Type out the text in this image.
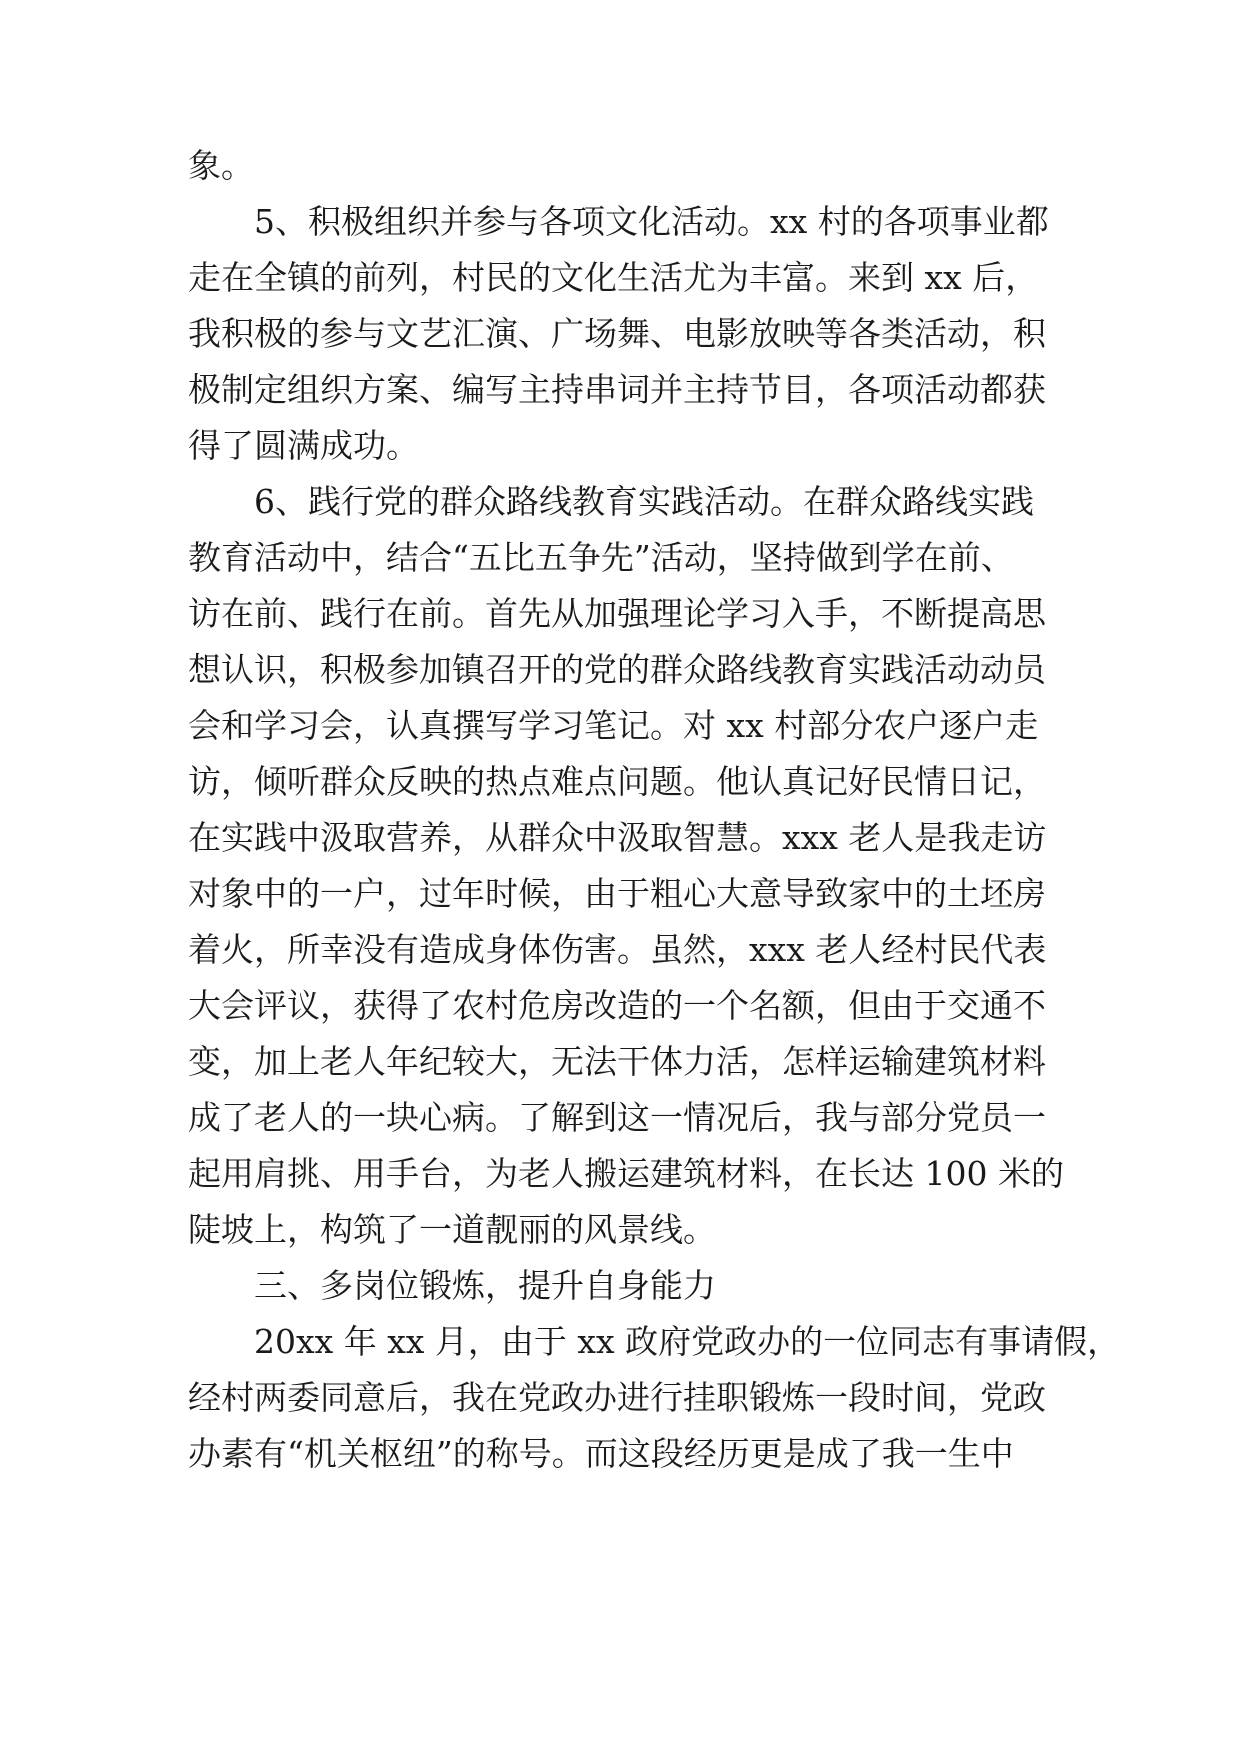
象。

5、积极组织并参与各项文化活动。xx 村的各项事业都

走在全镇的前列，村民的文化生活尤为丰富。来到 xx 后，

我积极的参与文艺汇演、广场舞、电影放映等各类活动，积

极制定组织方案、编写主持串词并主持节目，各项活动都获

得了圆满成功。

6、践行党的群众路线教育实践活动。在群众路线实践

教育活动中，结合“五比五争先”活动，坚持做到学在前、

访在前、践行在前。首先从加强理论学习入手，不断提高思

想认识，积极参加镇召开的党的群众路线教育实践活动动员

会和学习会，认真撰写学习笔记。对 xx 村部分农户逐户走

访，倾听群众反映的热点难点问题。他认真记好民情日记，

在实践中汲取营养，从群众中汲取智慧。xxx 老人是我走访

对象中的一户，过年时候，由于粗心大意导致家中的土坯房

着火，所幸没有造成身体伤害。虽然，xxx 老人经村民代表

大会评议，获得了农村危房改造的一个名额，但由于交通不

变，加上老人年纪较大，无法干体力活，怎样运输建筑材料

成了老人的一块心病。了解到这一情况后，我与部分党员一

起用肩挑、用手台，为老人搬运建筑材料，在长达 100 米的

陡坡上，构筑了一道靓丽的风景线。

三、多岗位锻炼，提升自身能力

20xx 年 xx 月，由于 xx 政府党政办的一位同志有事请假，

经村两委同意后，我在党政办进行挂职锻炼一段时间，党政

办素有“机关枢纽”的称号。而这段经历更是成了我一生中
